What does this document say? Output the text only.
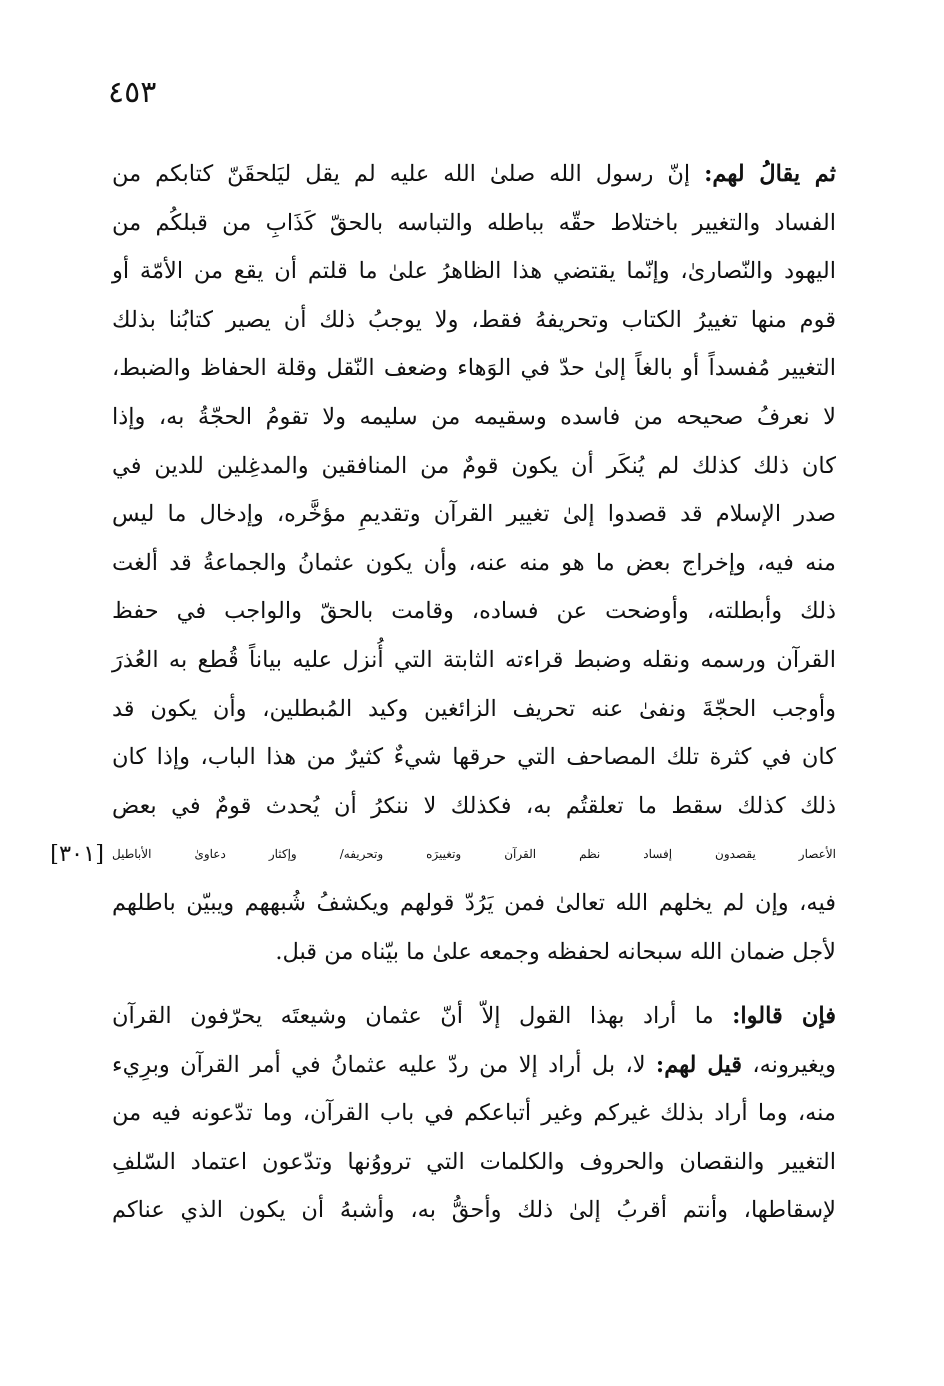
٤٥٣
ثم يقالُ لهم: إنّ رسول الله صلىٰ الله عليه لم يقل ليَلحقَنّ كتابكم من
الفساد والتغيير باختلاط حقّه بباطله والتباسه بالحقّ كَذَابِ من قبلكُم من
اليهود والنّصارىٰ، وإنّما يقتضي هذا الظاهرُ علىٰ ما قلتم أن يقع من الأمّة أو
قوم منها تغييرُ الكتاب وتحريفهُ فقط، ولا يوجبُ ذلك أن يصير كتابُنا بذلك
التغيير مُفسداً أو بالغاً إلىٰ حدّ في الوَهاء وضعف النّقل وقلة الحفاظ والضبط،
لا نعرفُ صحيحه من فاسده وسقيمه من سليمه ولا تقومُ الحجّةُ به، وإذا
كان ذلك كذلك لم يُنكَر أن يكون قومٌ من المنافقين والمدغِلين للدين في
صدر الإسلام قد قصدوا إلىٰ تغيير القرآن وتقديمِ مؤخَّره، وإدخال ما ليس
منه فيه، وإخراج بعض ما هو منه عنه، وأن يكون عثمانُ والجماعةُ قد ألغت
ذلك وأبطلته، وأوضحت عن فساده، وقامت بالحقّ والواجب في حفظ
القرآن ورسمه ونقله وضبط قراءته الثابتة التي أُنزل عليه بياناً قُطع به العُذرَ
وأوجب الحجّةَ ونفىٰ عنه تحريف الزائغين وكيد المُبطلين، وأن يكون قد
كان في كثرة تلك المصاحف التي حرقها شيءٌ كثيرٌ من هذا الباب، وإذا كان
ذلك كذلك سقط ما تعلقتُم به، فكذلك لا ننكرُ أن يُحدث قومٌ في بعض
الأعصار يقصدون إفساد نظم القرآن وتغييرَه وتحريفه/ وإكثار دعاوىٰ الأباطيل
[٣٠١]
فيه، وإن لم يخلهم الله تعالىٰ فمن يَرُدّ قولهم ويكشفُ شُبههم ويبيّن باطلهم
لأجل ضمان الله سبحانه لحفظه وجمعه علىٰ ما بيّناه من قبل.
فإن قالوا: ما أراد بهذا القول إلاّ أنّ عثمان وشيعتَه يحرّفون القرآن
ويغيرونه، قيل لهم: لا، بل أراد إلا من ردّ عليه عثمانُ في أمر القرآن وبرِيء
منه، وما أراد بذلك غيركم وغير أتباعكم في باب القرآن، وما تدّعونه فيه من
التغيير والنقصان والحروف والكلمات التي ترووُنها وتدّعون اعتماد السّلفِ
لإسقاطها، وأنتم أقربُ إلىٰ ذلك وأحقُّ به، وأشبهُ أن يكون الذي عناكم
